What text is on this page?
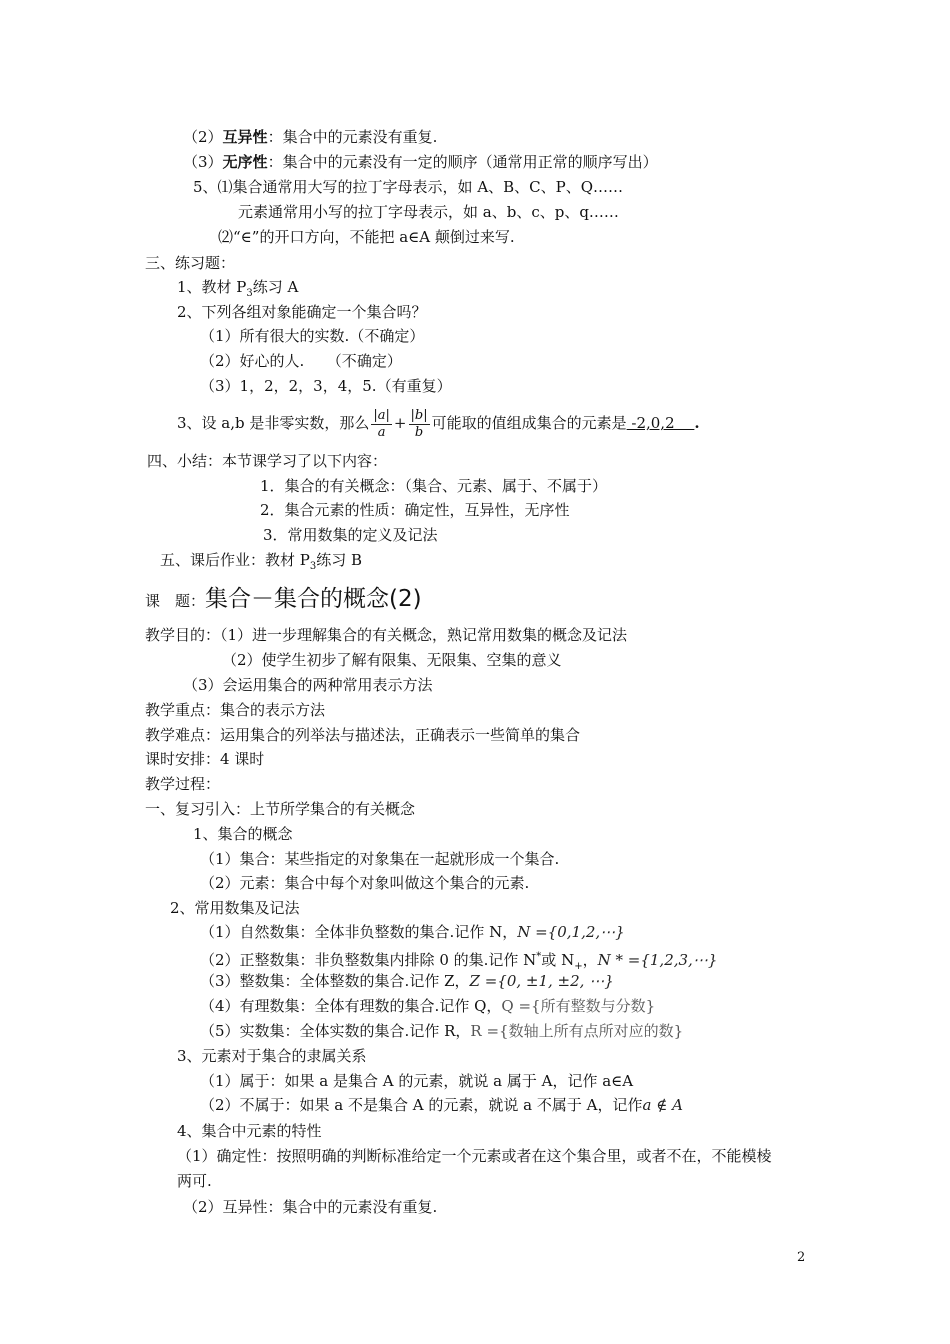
（2）互异性：集合中的元素没有重复.
（3）无序性：集合中的元素没有一定的顺序（通常用正常的顺序写出）
5、⑴集合通常用大写的拉丁字母表示，如 A、B、C、P、Q……
元素通常用小写的拉丁字母表示，如 a、b、c、p、q……
⑵“∈”的开口方向，不能把 a∈A 颠倒过来写.
三、练习题：
1、教材 $P_3$练习 A
2、下列各组对象能确定一个集合吗？
（1）所有很大的实数.（不确定）
（2）好心的人.　　（不确定）
（3）1，2，2，3，4，5.（有重复）
3、设 a,b 是非零实数，那么 $\frac{|a|}{a} + \frac{|b|}{b}$ 可能取的值组成集合的元素是 -2,0,2 　.
四、小结：本节课学习了以下内容：
1．集合的有关概念：（集合、元素、属于、不属于）
2．集合元素的性质：确定性，互异性，无序性
3．常用数集的定义及记法
五、课后作业：教材 $P_3$练习 B
课　题：集合－集合的概念(2)
教学目的：（1）进一步理解集合的有关概念，熟记常用数集的概念及记法
（2）使学生初步了解有限集、无限集、空集的意义
（3）会运用集合的两种常用表示方法
教学重点：集合的表示方法
教学难点：运用集合的列举法与描述法，正确表示一些简单的集合
课时安排：4 课时
教学过程：
一、复习引入：上节所学集合的有关概念
1、集合的概念
（1）集合：某些指定的对象集在一起就形成一个集合.
（2）元素：集合中每个对象叫做这个集合的元素.
2、常用数集及记法
（1）自然数集：全体非负整数的集合.记作 N，N ={0,1,2,⋯}
（2）正整数集：非负整数集内排除 0 的集.记作 N*或 $N_+$，N * ={1,2,3,⋯}
（3）整数集：全体整数的集合.记作 Z，Z ={0, ±1, ±2, ⋯}
（4）有理数集：全体有理数的集合.记作 Q，Q ={所有整数与分数}
（5）实数集：全体实数的集合.记作 R，R ={数轴上所有点所对应的数}
3、元素对于集合的隶属关系
（1）属于：如果 a 是集合 A 的元素，就说 a 属于 A，记作 a∈A
（2）不属于：如果 a 不是集合 A 的元素，就说 a 不属于 A，记作a ∉ A
4、集合中元素的特性
（1）确定性：按照明确的判断标准给定一个元素或者在这个集合里，或者不在，不能模棱
两可.
（2）互异性：集合中的元素没有重复.
2
